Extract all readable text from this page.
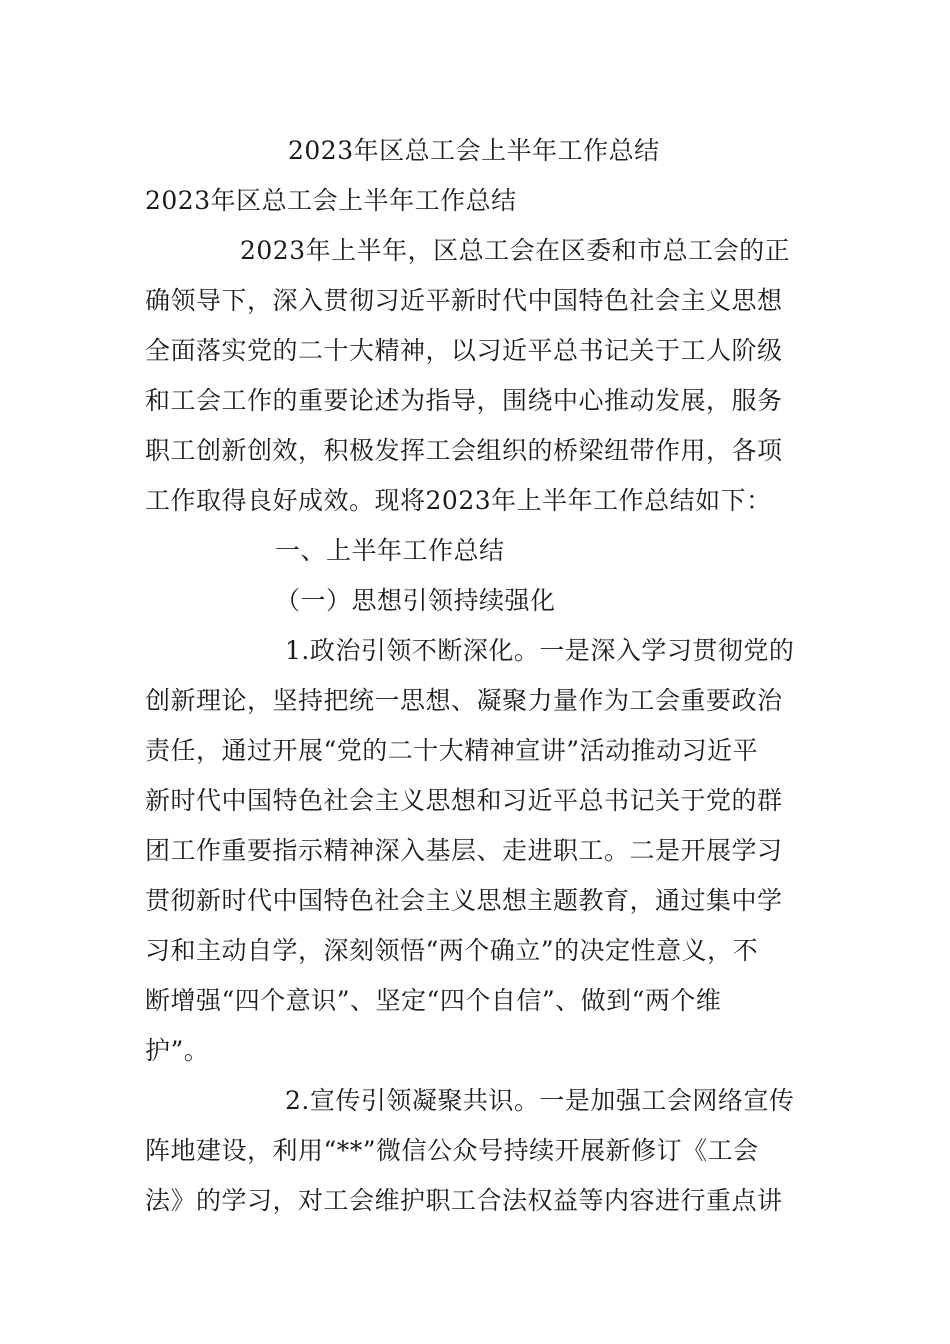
2023年区总工会上半年工作总结
2023年区总工会上半年工作总结
2023年上半年，区总工会在区委和市总工会的正
确领导下，深入贯彻习近平新时代中国特色社会主义思想
全面落实党的二十大精神，以习近平总书记关于工人阶级
和工会工作的重要论述为指导，围绕中心推动发展，服务
职工创新创效，积极发挥工会组织的桥梁纽带作用，各项
工作取得良好成效。现将2023年上半年工作总结如下：
一、上半年工作总结
（一）思想引领持续强化
1.政治引领不断深化。一是深入学习贯彻党的
创新理论，坚持把统一思想、凝聚力量作为工会重要政治
责任，通过开展“党的二十大精神宣讲”活动推动习近平
新时代中国特色社会主义思想和习近平总书记关于党的群
团工作重要指示精神深入基层、走进职工。二是开展学习
贯彻新时代中国特色社会主义思想主题教育，通过集中学
习和主动自学，深刻领悟“两个确立”的决定性意义，不
断增强“四个意识”、坚定“四个自信”、做到“两个维
护”。
2.宣传引领凝聚共识。一是加强工会网络宣传
阵地建设，利用“**”微信公众号持续开展新修订《工会
法》的学习，对工会维护职工合法权益等内容进行重点讲
